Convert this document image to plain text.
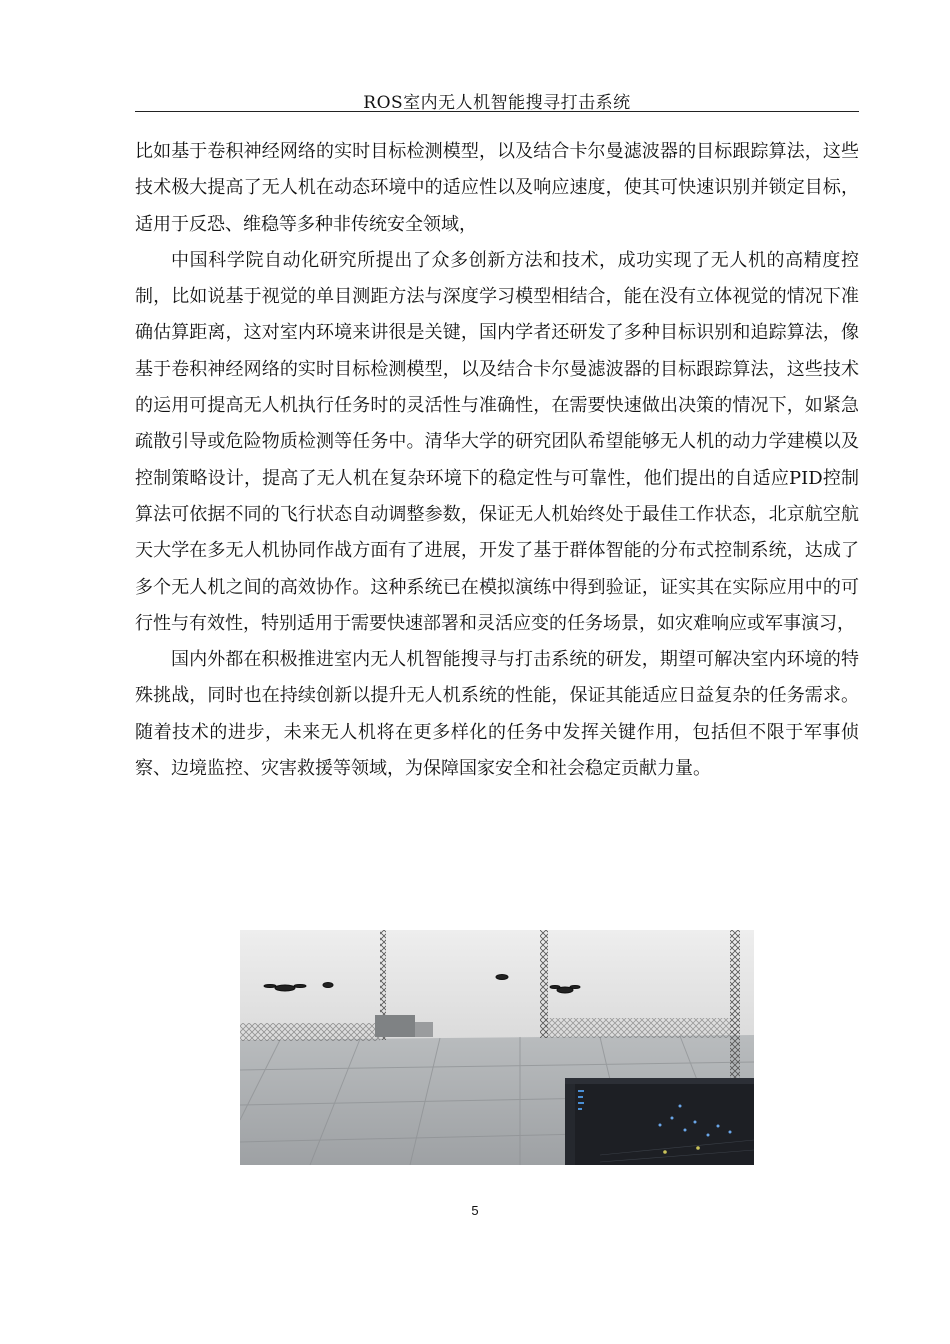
ROS室内无人机智能搜寻打击系统

比如基于卷积神经网络的实时目标检测模型，以及结合卡尔曼滤波器的目标跟踪算法，这些技术极大提高了无人机在动态环境中的适应性以及响应速度，使其可快速识别并锁定目标，适用于反恐、维稳等多种非传统安全领域，

中国科学院自动化研究所提出了众多创新方法和技术，成功实现了无人机的高精度控制，比如说基于视觉的单目测距方法与深度学习模型相结合，能在没有立体视觉的情况下准确估算距离，这对室内环境来讲很是关键，国内学者还研发了多种目标识别和追踪算法，像基于卷积神经网络的实时目标检测模型，以及结合卡尔曼滤波器的目标跟踪算法，这些技术的运用可提高无人机执行任务时的灵活性与准确性，在需要快速做出决策的情况下，如紧急疏散引导或危险物质检测等任务中。清华大学的研究团队希望能够无人机的动力学建模以及控制策略设计，提高了无人机在复杂环境下的稳定性与可靠性，他们提出的自适应PID控制算法可依据不同的飞行状态自动调整参数，保证无人机始终处于最佳工作状态，北京航空航天大学在多无人机协同作战方面有了进展，开发了基于群体智能的分布式控制系统，达成了多个无人机之间的高效协作。这种系统已在模拟演练中得到验证，证实其在实际应用中的可行性与有效性，特别适用于需要快速部署和灵活应变的任务场景，如灾难响应或军事演习，

国内外都在积极推进室内无人机智能搜寻与打击系统的研发，期望可解决室内环境的特殊挑战，同时也在持续创新以提升无人机系统的性能，保证其能适应日益复杂的任务需求。随着技术的进步，未来无人机将在更多样化的任务中发挥关键作用，包括但不限于军事侦察、边境监控、灾害救援等领域，为保障国家安全和社会稳定贡献力量。

5
